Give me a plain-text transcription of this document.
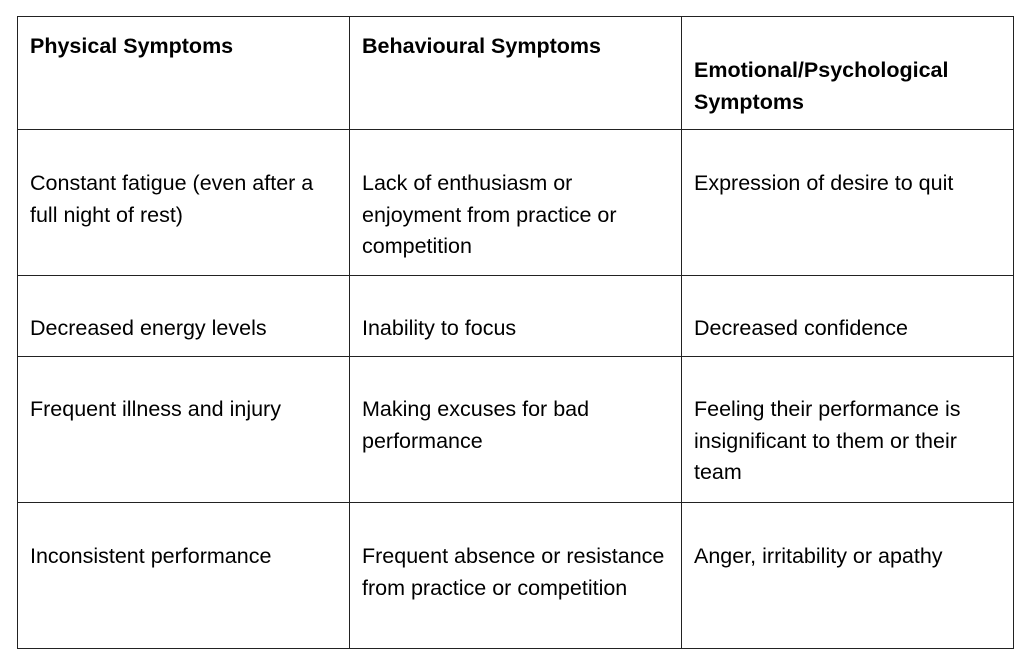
Physical Symptoms	Behavioural Symptoms	Emotional/Psychological Symptoms

Constant fatigue (even after a full night of rest)	Lack of enthusiasm or enjoyment from practice or competition	Expression of desire to quit

Decreased energy levels	Inability to focus	Decreased confidence

Frequent illness and injury	Making excuses for bad performance	Feeling their performance is insignificant to them or their team

Inconsistent performance	Frequent absence or resistance from practice or competition	Anger, irritability or apathy
